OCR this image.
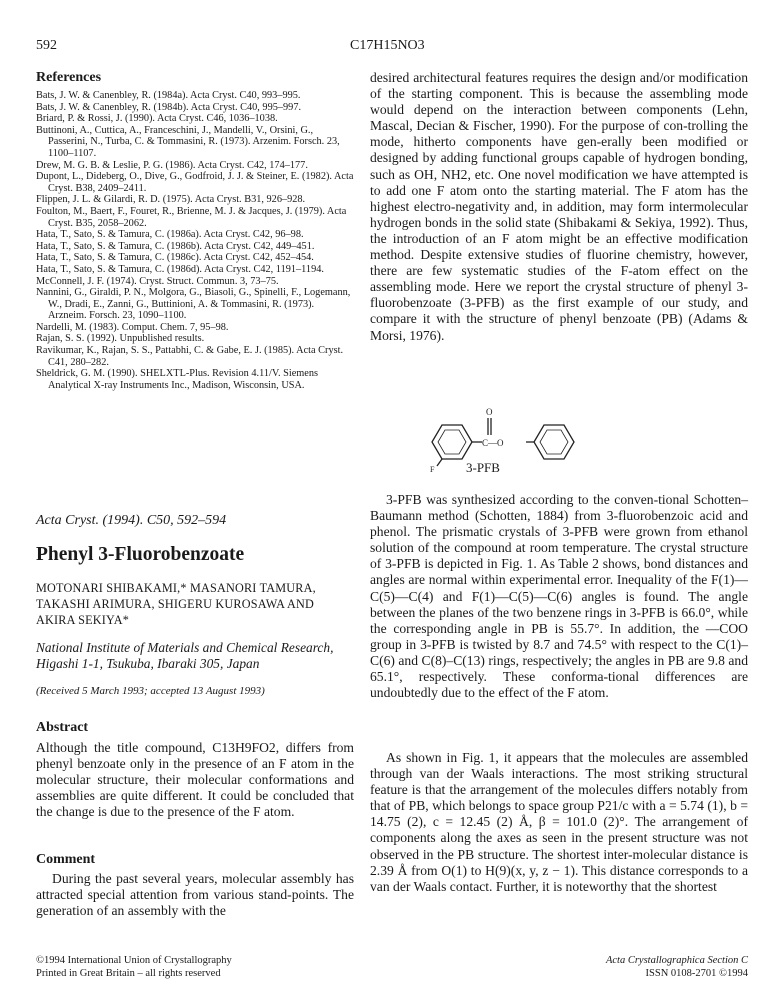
592	C17H15NO3
References

Bats, J. W. & Canenbley, R. (1984a). Acta Cryst. C40, 993–995.

Bats, J. W. & Canenbley, R. (1984b). Acta Cryst. C40, 995–997.

Briard, P. & Rossi, J. (1990). Acta Cryst. C46, 1036–1038.

Buttinoni, A., Cuttica, A., Franceschini, J., Mandelli, V., Orsini, G., Passerini, N., Turba, C. & Tommasini, R. (1973). Arzenim. Forsch. 23, 1100–1107.

Drew, M. G. B. & Leslie, P. G. (1986). Acta Cryst. C42, 174–177.

Dupont, L., Dideberg, O., Dive, G., Godfroid, J. J. & Steiner, E. (1982). Acta Cryst. B38, 2409–2411.

Flippen, J. L. & Gilardi, R. D. (1975). Acta Cryst. B31, 926–928.

Foulton, M., Baert, F., Fouret, R., Brienne, M. J. & Jacques, J. (1979). Acta Cryst. B35, 2058–2062.

Hata, T., Sato, S. & Tamura, C. (1986a). Acta Cryst. C42, 96–98.

Hata, T., Sato, S. & Tamura, C. (1986b). Acta Cryst. C42, 449–451.

Hata, T., Sato, S. & Tamura, C. (1986c). Acta Cryst. C42, 452–454.

Hata, T., Sato, S. & Tamura, C. (1986d). Acta Cryst. C42, 1191–1194.

McConnell, J. F. (1974). Cryst. Struct. Commun. 3, 73–75.

Nannini, G., Giraldi, P. N., Molgora, G., Biasoli, G., Spinelli, F., Logemann, W., Dradi, E., Zanni, G., Buttinioni, A. & Tommasini, R. (1973). Arzneim. Forsch. 23, 1090–1100.

Nardelli, M. (1983). Comput. Chem. 7, 95–98.

Rajan, S. S. (1992). Unpublished results.

Ravikumar, K., Rajan, S. S., Pattabhi, C. & Gabe, E. J. (1985). Acta Cryst. C41, 280–282.

Sheldrick, G. M. (1990). SHELXTL-Plus. Revision 4.11/V. Siemens Analytical X-ray Instruments Inc., Madison, Wisconsin, USA.

Acta Cryst. (1994). C50, 592–594
Phenyl 3-Fluorobenzoate
MOTONARI SHIBAKAMI,* MASANORI TAMURA,
TAKASHI ARIMURA, SHIGERU KUROSAWA AND
AKIRA SEKIYA*
National Institute of Materials and Chemical Research,
Higashi 1-1, Tsukuba, Ibaraki 305, Japan
(Received 5 March 1993; accepted 13 August 1993)
Abstract

Although the title compound, C13H9FO2, differs from phenyl benzoate only in the presence of an F atom in the molecular structure, their molecular conformations and assemblies are quite different. It could be concluded that the change is due to the presence of the F atom.

Comment

During the past several years, molecular assembly has attracted special attention from various stand-points. The generation of an assembly with the

desired architectural features requires the design and/or modification of the starting component. This is because the assembling mode would depend on the interaction between components (Lehn, Mascal, Decian & Fischer, 1990). For the purpose of con-trolling the mode, hitherto components have gen-erally been modified or designed by adding functional groups capable of hydrogen bonding, such as OH, NH2, etc. One novel modification we have attempted is to add one F atom onto the starting material. The F atom has the highest electro-negativity and, in addition, may form intermolecular hydrogen bonds in the solid state (Shibakami & Sekiya, 1992). Thus, the introduction of an F atom might be an effective modification method. Despite extensive studies of fluorine chemistry, however, there are few systematic studies of the F-atom effect on the assembling mode. Here we report the crystal structure of phenyl 3-fluorobenzoate (3-PFB) as the first example of our study, and compare it with the structure of phenyl benzoate (PB) (Adams & Morsi, 1976).

O
C—O
F 3-PFB

3-PFB was synthesized according to the conven-tional Schotten–Baumann method (Schotten, 1884) from 3-fluorobenzoic acid and phenol. The prismatic crystals of 3-PFB were grown from ethanol solution of the compound at room temperature. The crystal structure of 3-PFB is depicted in Fig. 1. As Table 2 shows, bond distances and angles are normal within experimental error. Inequality of the F(1)—C(5)—C(4) and F(1)—C(5)—C(6) angles is found. The angle between the planes of the two benzene rings in 3-PFB is 66.0°, while the corresponding angle in PB is 55.7°. In addition, the —COO group in 3-PFB is twisted by 8.7 and 74.5° with respect to the C(1)–C(6) and C(8)–C(13) rings, respectively; the angles in PB are 9.8 and 65.1°, respectively. These conforma-tional differences are undoubtedly due to the effect of the F atom.

As shown in Fig. 1, it appears that the molecules are assembled through van der Waals interactions. The most striking structural feature is that the arrangement of the molecules differs notably from that of PB, which belongs to space group P21/c with a = 5.74 (1), b = 14.75 (2), c = 12.45 (2) Å, β = 101.0 (2)°. The arrangement of components along the axes as seen in the present structure was not observed in the PB structure. The shortest inter-molecular distance is 2.39 Å from O(1) to H(9)(x, y, z − 1). This distance corresponds to a van der Waals contact. Further, it is noteworthy that the shortest

©1994 International Union of Crystallography
Printed in Great Britain – all rights reserved
Acta Crystallographica Section C
ISSN 0108-2701 ©1994
